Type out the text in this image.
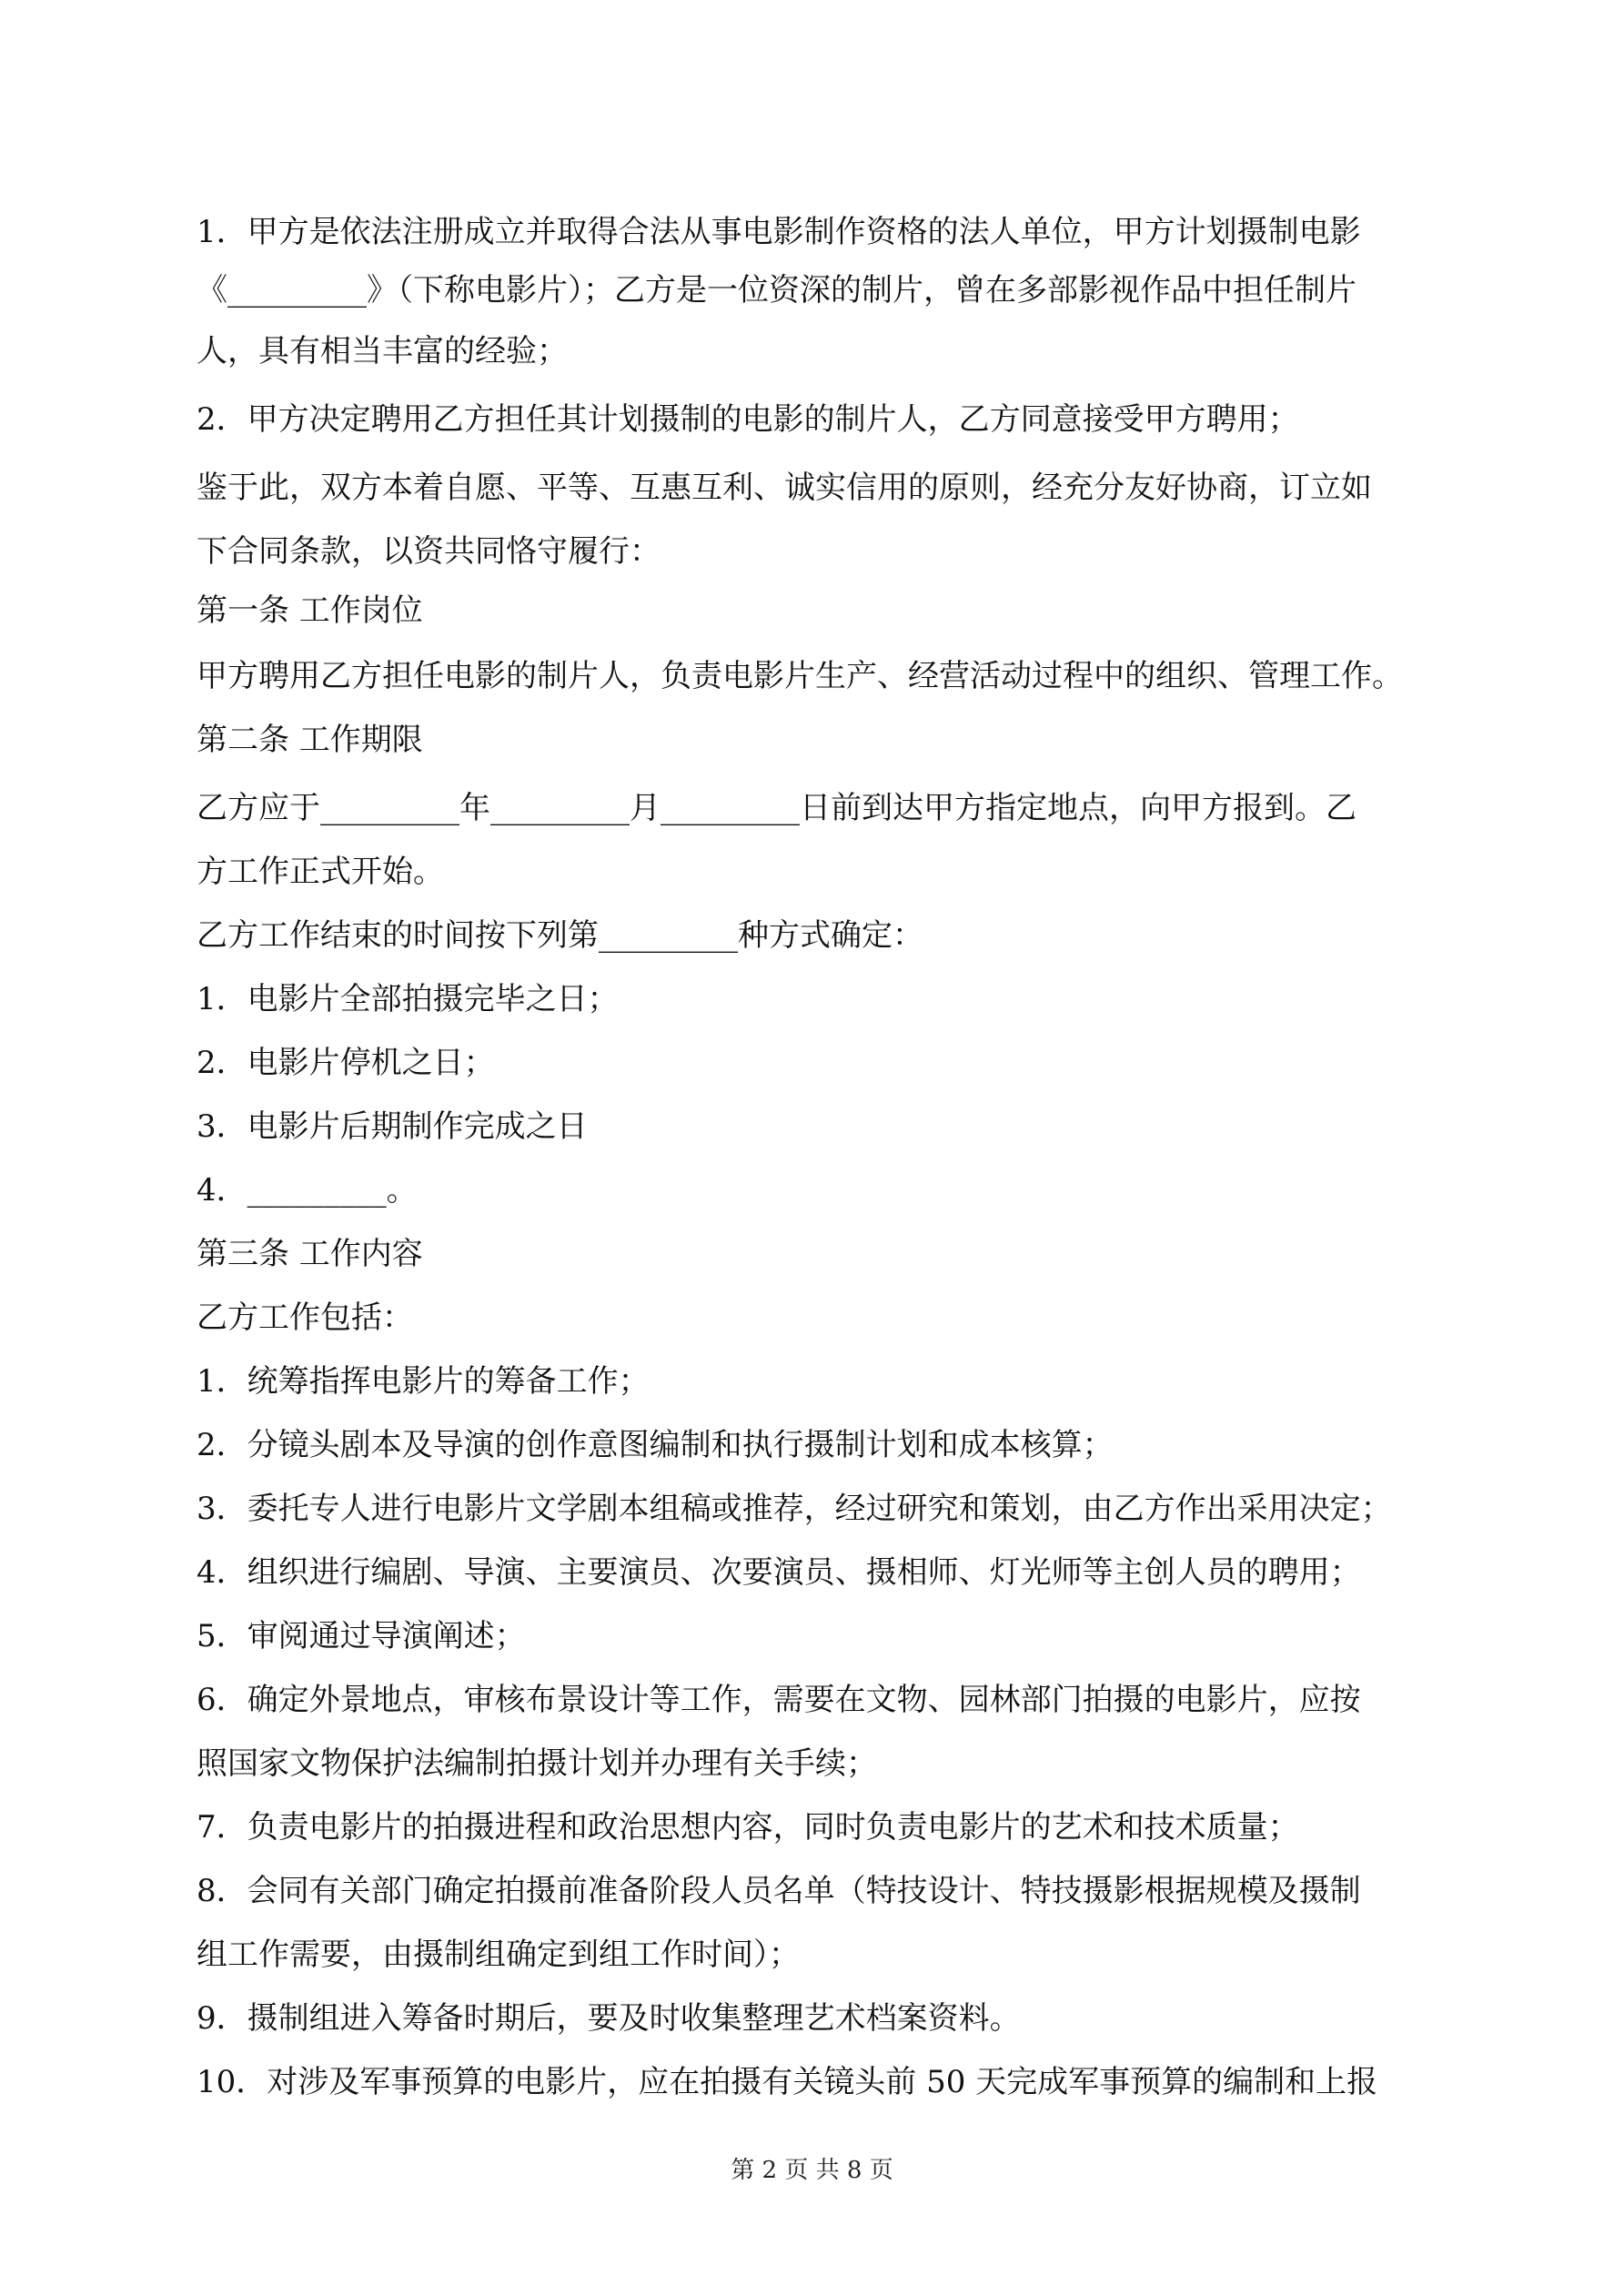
1．甲方是依法注册成立并取得合法从事电影制作资格的法人单位，甲方计划摄制电影

《_________》（下称电影片）；乙方是一位资深的制片，曾在多部影视作品中担任制片

人，具有相当丰富的经验；

2．甲方决定聘用乙方担任其计划摄制的电影的制片人，乙方同意接受甲方聘用；

鉴于此，双方本着自愿、平等、互惠互利、诚实信用的原则，经充分友好协商，订立如

下合同条款，以资共同恪守履行：

第一条 工作岗位

甲方聘用乙方担任电影的制片人，负责电影片生产、经营活动过程中的组织、管理工作。

第二条 工作期限

乙方应于_________年_________月_________日前到达甲方指定地点，向甲方报到。乙

方工作正式开始。

乙方工作结束的时间按下列第_________种方式确定：

1．电影片全部拍摄完毕之日；

2．电影片停机之日；

3．电影片后期制作完成之日

4．_________。

第三条 工作内容

乙方工作包括：

1．统筹指挥电影片的筹备工作；

2．分镜头剧本及导演的创作意图编制和执行摄制计划和成本核算；

3．委托专人进行电影片文学剧本组稿或推荐，经过研究和策划，由乙方作出采用决定；

4．组织进行编剧、导演、主要演员、次要演员、摄相师、灯光师等主创人员的聘用；

5．审阅通过导演阐述；

6．确定外景地点，审核布景设计等工作，需要在文物、园林部门拍摄的电影片，应按

照国家文物保护法编制拍摄计划并办理有关手续；

7．负责电影片的拍摄进程和政治思想内容，同时负责电影片的艺术和技术质量；

8．会同有关部门确定拍摄前准备阶段人员名单（特技设计、特技摄影根据规模及摄制

组工作需要，由摄制组确定到组工作时间）；

9．摄制组进入筹备时期后，要及时收集整理艺术档案资料。

10．对涉及军事预算的电影片，应在拍摄有关镜头前 50 天完成军事预算的编制和上报

第 2 页 共 8 页
